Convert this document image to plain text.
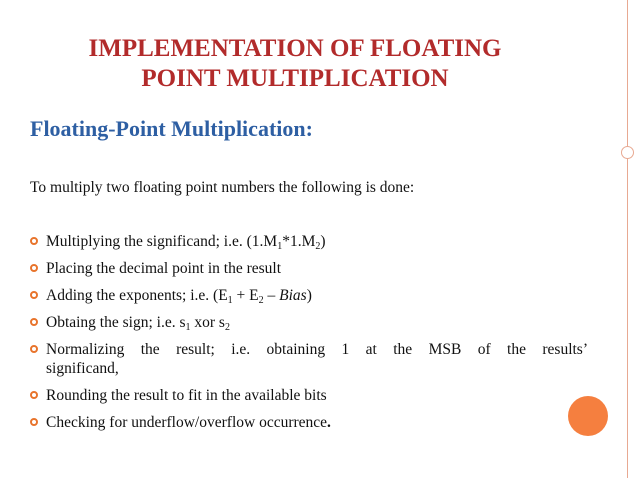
IMPLEMENTATION OF FLOATING
POINT MULTIPLICATION
Floating-Point Multiplication:
To multiply two floating point numbers the following is done:
Multiplying the significand; i.e. $(1.M_1*1.M_2)$
Placing the decimal point in the result
Adding the exponents; i.e. ($E_1 + E_2$ – Bias)
Obtaing the sign; i.e. $s_1$ xor $s_2$
Normalizing the result; i.e. obtaining 1 at the MSB of the results’
significand,
Rounding the result to fit in the available bits
Checking for underflow/overflow occurrence.
